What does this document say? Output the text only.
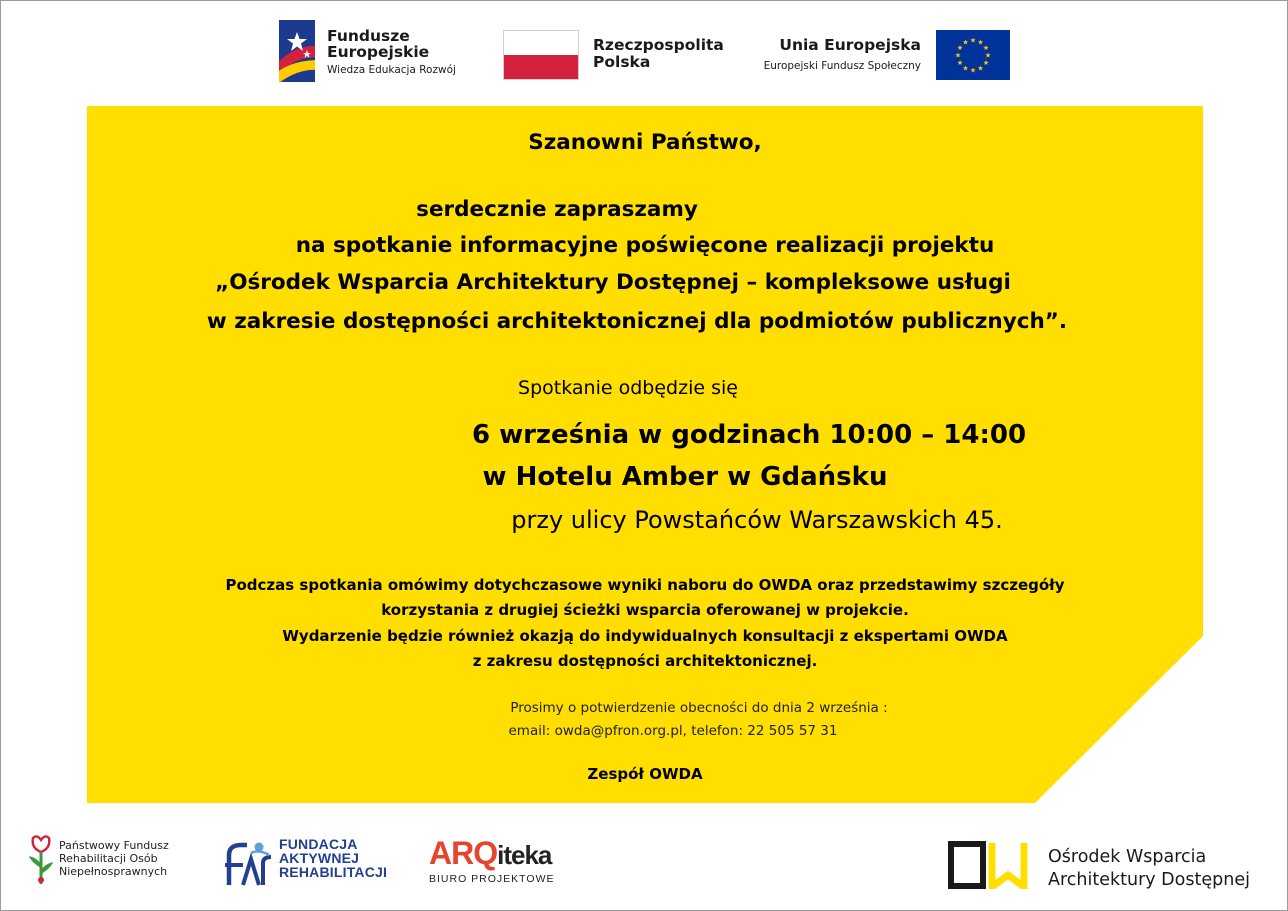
Fundusze
Europejskie
Wiedza Edukacja Rozwój
Rzeczpospolita
Polska
Unia Europejska
Europejski Fundusz Społeczny
★ ★
★
★
★
★
★
★
★
★
★
★
Szanowni Państwo,
serdecznie zapraszamy
na spotkanie informacyjne poświęcone realizacji projektu
„Ośrodek Wsparcia Architektury Dostępnej – kompleksowe usługi
w zakresie dostępności architektonicznej dla podmiotów publicznych”.
Spotkanie odbędzie się
6 września w godzinach 10:00 – 14:00
w Hotelu Amber w Gdańsku
przy ulicy Powstańców Warszawskich 45.
Podczas spotkania omówimy dotychczasowe wyniki naboru do OWDA oraz przedstawimy szczegóły
korzystania z drugiej ścieżki wsparcia oferowanej w projekcie.
Wydarzenie będzie również okazją do indywidualnych konsultacji z ekspertami OWDA
z zakresu dostępności architektonicznej.
Prosimy o potwierdzenie obecności do dnia 2 września :
email: owda@pfron.org.pl, telefon: 22 505 57 31
Zespół OWDA
Państwowy Fundusz
Rehabilitacji Osób
Niepełnosprawnych
FUNDACJA
AKTYWNEJ
REHABILITACJI
ARQiteka
BIURO PROJEKTOWE
Ośrodek Wsparcia
Architektury Dostępnej
